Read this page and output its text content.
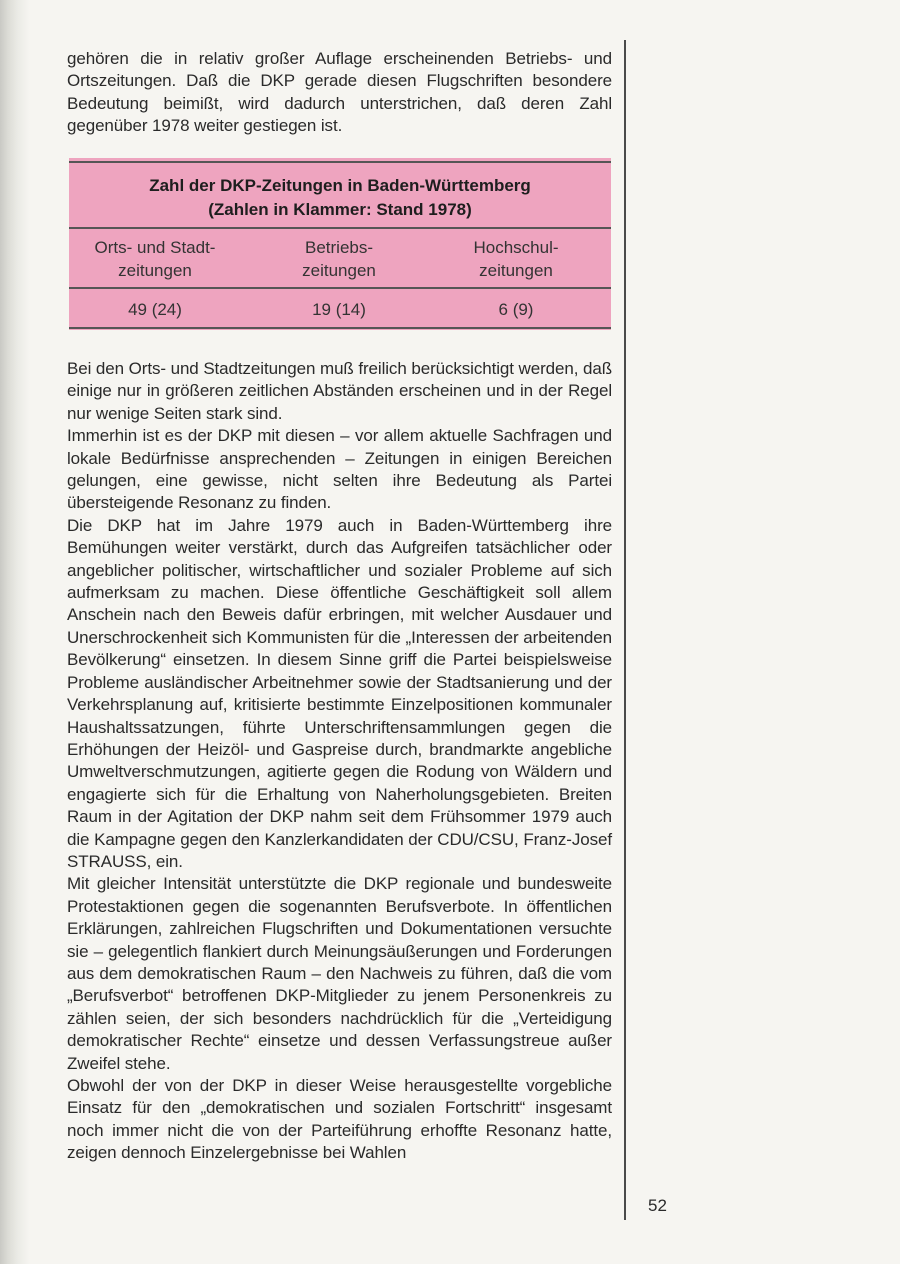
gehören die in relativ großer Auflage erscheinenden Betriebs- und Ortszeitungen. Daß die DKP gerade diesen Flugschriften besondere Bedeutung beimißt, wird dadurch unterstrichen, daß deren Zahl gegenüber 1978 weiter gestiegen ist.

Zahl der DKP-Zeitungen in Baden-Württemberg
(Zahlen in Klammer: Stand 1978)
Orts- und Stadt-
zeitungen
Betriebs-
zeitungen
Hochschul-
zeitungen
49 (24)	19 (14)	6 (9)

Bei den Orts- und Stadtzeitungen muß freilich berücksichtigt werden, daß einige nur in größeren zeitlichen Abständen erscheinen und in der Regel nur wenige Seiten stark sind.

Immerhin ist es der DKP mit diesen – vor allem aktuelle Sachfragen und lokale Bedürfnisse ansprechenden – Zeitungen in einigen Bereichen gelungen, eine gewisse, nicht selten ihre Bedeutung als Partei übersteigende Resonanz zu finden.

Die DKP hat im Jahre 1979 auch in Baden-Württemberg ihre Bemühungen weiter verstärkt, durch das Aufgreifen tatsächlicher oder angeblicher politischer, wirtschaftlicher und sozialer Probleme auf sich aufmerksam zu machen. Diese öffentliche Geschäftigkeit soll allem Anschein nach den Beweis dafür erbringen, mit welcher Ausdauer und Unerschrockenheit sich Kommunisten für die „Interessen der arbeitenden Bevölkerung“ einsetzen. In diesem Sinne griff die Partei beispielsweise Probleme ausländischer Arbeitnehmer sowie der Stadtsanierung und der Verkehrsplanung auf, kritisierte bestimmte Einzelpositionen kommunaler Haushaltssatzungen, führte Unterschriftensammlungen gegen die Erhöhungen der Heizöl- und Gaspreise durch, brandmarkte angebliche Umweltverschmutzungen, agitierte gegen die Rodung von Wäldern und engagierte sich für die Erhaltung von Naherholungsgebieten. Breiten Raum in der Agitation der DKP nahm seit dem Frühsommer 1979 auch die Kampagne gegen den Kanzlerkandidaten der CDU/CSU, Franz-Josef STRAUSS, ein.

Mit gleicher Intensität unterstützte die DKP regionale und bundesweite Protestaktionen gegen die sogenannten Berufsverbote. In öffentlichen Erklärungen, zahlreichen Flugschriften und Dokumentationen versuchte sie – gelegentlich flankiert durch Meinungsäußerungen und Forderungen aus dem demokratischen Raum – den Nachweis zu führen, daß die vom „Berufsverbot“ betroffenen DKP-Mitglieder zu jenem Personenkreis zu zählen seien, der sich besonders nachdrücklich für die „Verteidigung demokratischer Rechte“ einsetze und dessen Verfassungstreue außer Zweifel stehe.

Obwohl der von der DKP in dieser Weise herausgestellte vorgebliche Einsatz für den „demokratischen und sozialen Fortschritt“ insgesamt noch immer nicht die von der Parteiführung erhoffte Resonanz hatte, zeigen dennoch Einzelergebnisse bei Wahlen

52
